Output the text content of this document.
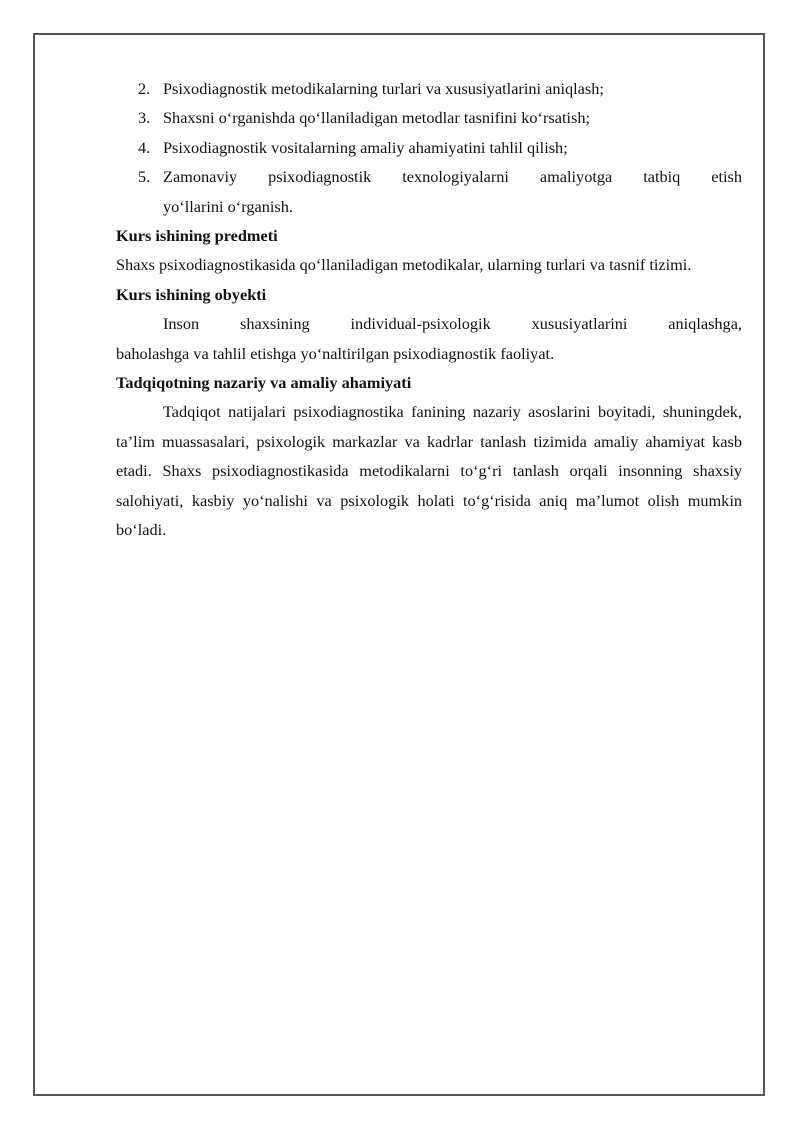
2. Psixodiagnostik metodikalarning turlari va xususiyatlarini aniqlash;
3. Shaxsni o‘rganishda qo‘llaniladigan metodlar tasnifini ko‘rsatish;
4. Psixodiagnostik vositalarning amaliy ahamiyatini tahlil qilish;
5. Zamonaviy psixodiagnostik texnologiyalarni amaliyotga tatbiq etish
yo‘llarini o‘rganish.

Kurs ishining predmeti

Shaxs psixodiagnostikasida qo‘llaniladigan metodikalar, ularning turlari va tasnif tizimi.

Kurs ishining obyekti

Inson shaxsining individual-psixologik xususiyatlarini aniqlashga,

baholashga va tahlil etishga yo‘naltirilgan psixodiagnostik faoliyat.

Tadqiqotning nazariy va amaliy ahamiyati

Tadqiqot natijalari psixodiagnostika fanining nazariy asoslarini boyitadi, shuningdek, ta’lim muassasalari, psixologik markazlar va kadrlar tanlash tizimida amaliy ahamiyat kasb etadi. Shaxs psixodiagnostikasida metodikalarni to‘g‘ri tanlash orqali insonning shaxsiy salohiyati, kasbiy yo‘nalishi va psixologik holati to‘g‘risida aniq ma’lumot olish mumkin bo‘ladi.
